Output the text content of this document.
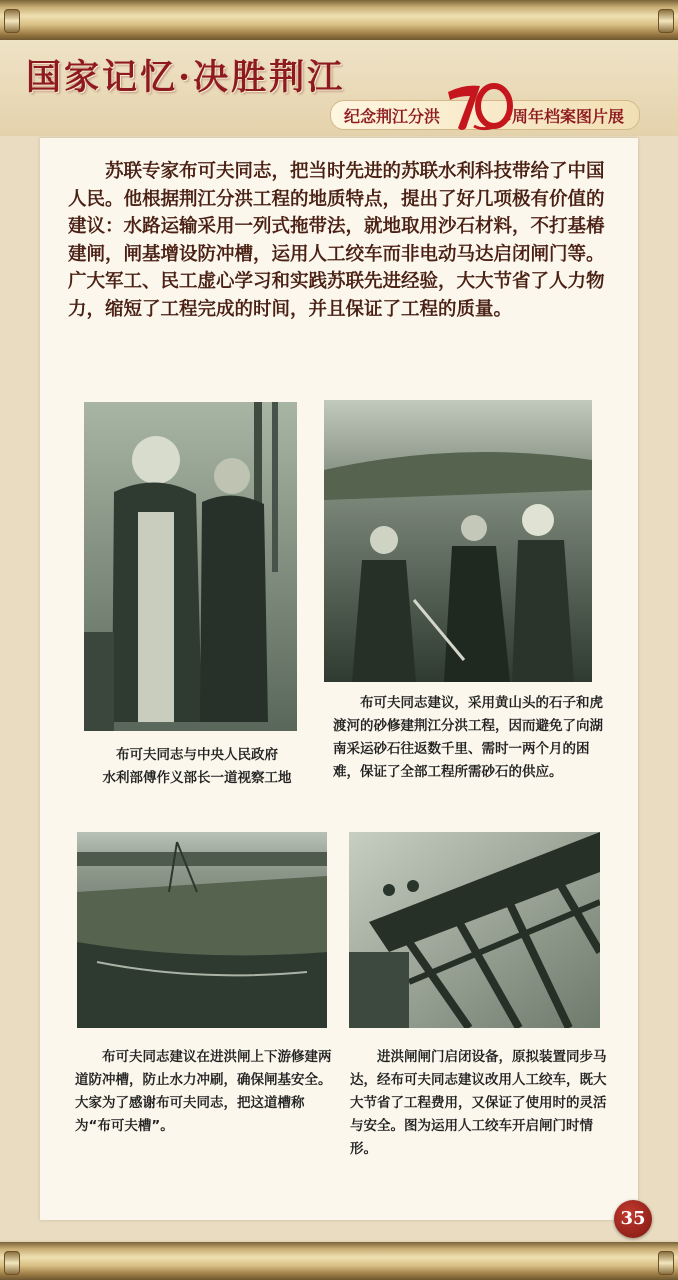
国家记忆·决胜荆江
纪念荆江分洪	周年档案图片展

苏联专家布可夫同志，把当时先进的苏联水利科技带给了中国人民。他根据荆江分洪工程的地质特点，提出了好几项极有价值的建议：水路运输采用一列式拖带法，就地取用沙石材料，不打基椿建闸，闸基增设防冲槽，运用人工绞车而非电动马达启闭闸门等。广大军工、民工虚心学习和实践苏联先进经验，大大节省了人力物力，缩短了工程完成的时间，并且保证了工程的质量。

布可夫同志与中央人民政府
水利部傅作义部长一道视察工地

布可夫同志建议，采用黄山头的石子和虎渡河的砂修建荆江分洪工程，因而避免了向湖南采运砂石往返数千里、需时一两个月的困难，保证了全部工程所需砂石的供应。

布可夫同志建议在进洪闸上下游修建两道防冲槽，防止水力冲刷，确保闸基安全。大家为了感谢布可夫同志，把这道槽称为“布可夫槽”。

进洪闸闸门启闭设备，原拟装置同步马达，经布可夫同志建议改用人工绞车，既大大节省了工程费用，又保证了使用时的灵活与安全。图为运用人工绞车开启闸门时情形。

35
